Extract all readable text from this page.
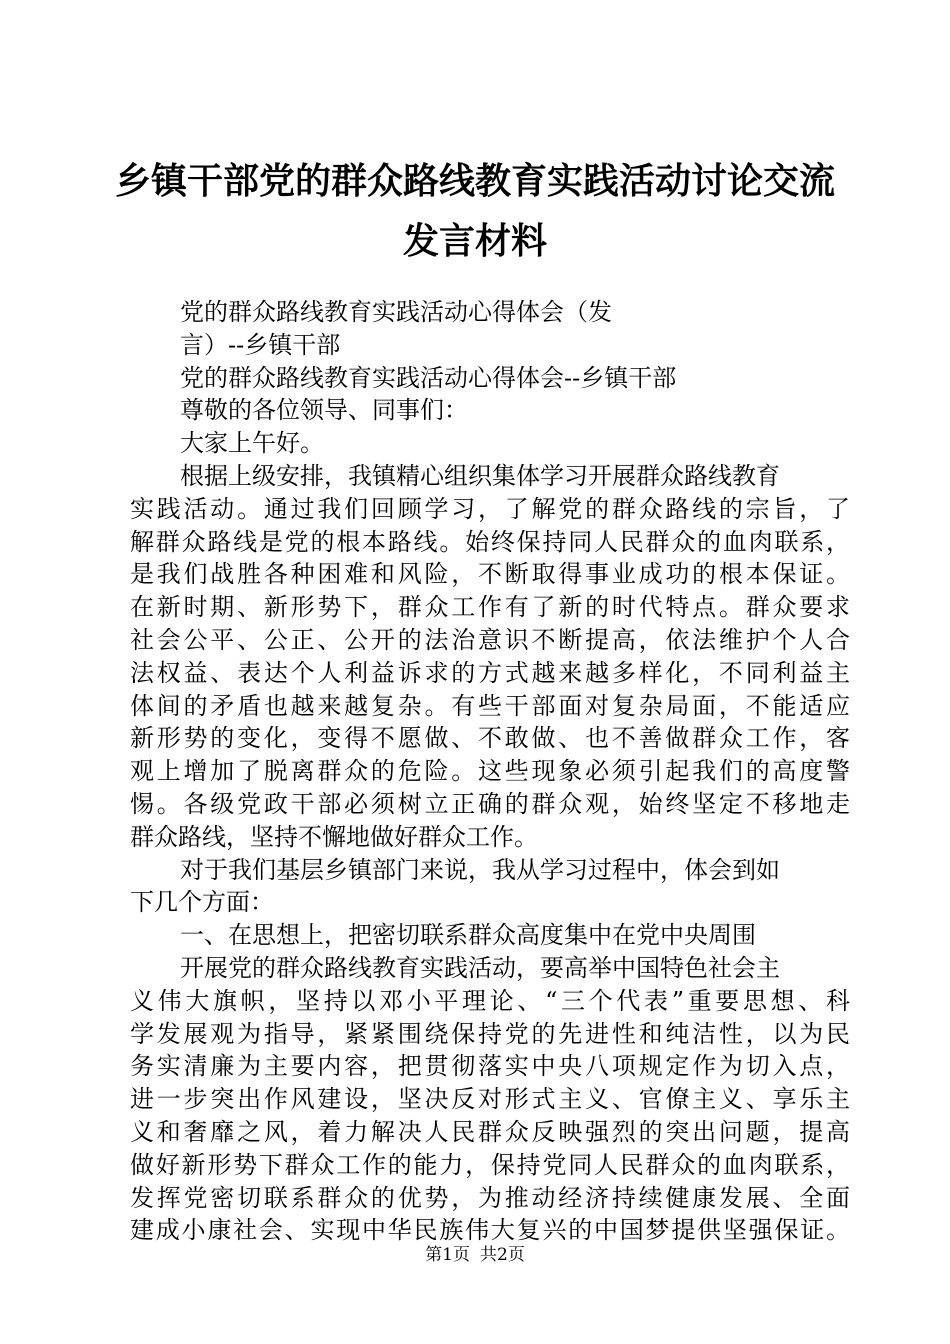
乡镇干部党的群众路线教育实践活动讨论交流
发言材料
党的群众路线教育实践活动心得体会（发
言）--乡镇干部
党的群众路线教育实践活动心得体会--乡镇干部
尊敬的各位领导、同事们：
大家上午好。
根据上级安排，我镇精心组织集体学习开展群众路线教育
实践活动。通过我们回顾学习，了解党的群众路线的宗旨，了
解群众路线是党的根本路线。始终保持同人民群众的血肉联系，
是我们战胜各种困难和风险，不断取得事业成功的根本保证。
在新时期、新形势下，群众工作有了新的时代特点。群众要求
社会公平、公正、公开的法治意识不断提高，依法维护个人合
法权益、表达个人利益诉求的方式越来越多样化，不同利益主
体间的矛盾也越来越复杂。有些干部面对复杂局面，不能适应
新形势的变化，变得不愿做、不敢做、也不善做群众工作，客
观上增加了脱离群众的危险。这些现象必须引起我们的高度警
惕。各级党政干部必须树立正确的群众观，始终坚定不移地走
群众路线，坚持不懈地做好群众工作。
对于我们基层乡镇部门来说，我从学习过程中，体会到如
下几个方面：
一、在思想上，把密切联系群众高度集中在党中央周围
开展党的群众路线教育实践活动，要高举中国特色社会主
义伟大旗帜，坚持以邓小平理论、“三个代表”重要思想、科
学发展观为指导，紧紧围绕保持党的先进性和纯洁性，以为民
务实清廉为主要内容，把贯彻落实中央八项规定作为切入点，
进一步突出作风建设，坚决反对形式主义、官僚主义、享乐主
义和奢靡之风，着力解决人民群众反映强烈的突出问题，提高
做好新形势下群众工作的能力，保持党同人民群众的血肉联系，
发挥党密切联系群众的优势，为推动经济持续健康发展、全面
建成小康社会、实现中华民族伟大复兴的中国梦提供坚强保证。
第1页 共2页
